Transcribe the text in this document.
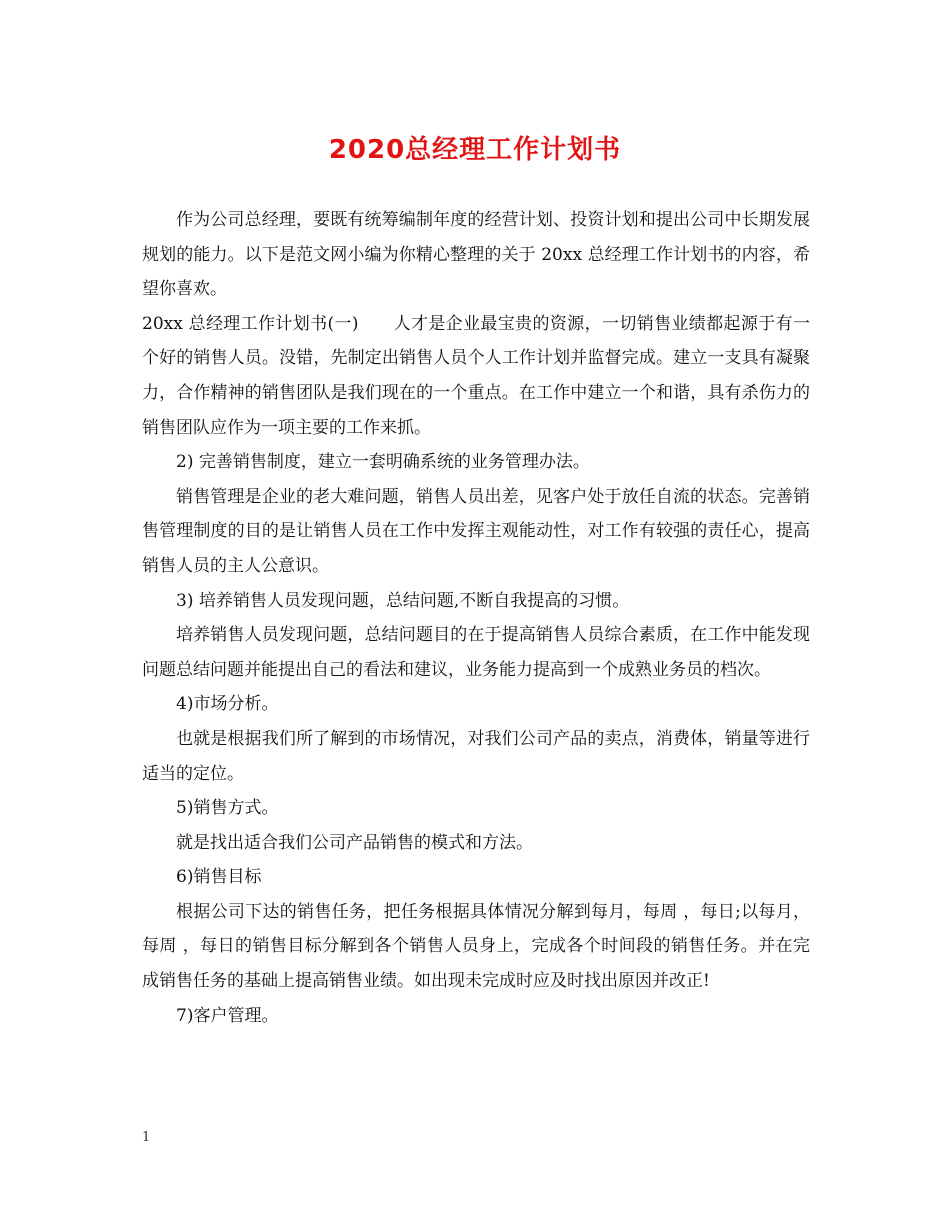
2020总经理工作计划书

作为公司总经理，要既有统筹编制年度的经营计划、投资计划和提出公司中长期发展规划的能力。以下是范文网小编为你精心整理的关于 20xx 总经理工作计划书的内容，希望你喜欢。

20xx 总经理工作计划书(一)　　人才是企业最宝贵的资源，一切销售业绩都起源于有一个好的销售人员。没错，先制定出销售人员个人工作计划并监督完成。建立一支具有凝聚力，合作精神的销售团队是我们现在的一个重点。在工作中建立一个和谐，具有杀伤力的销售团队应作为一项主要的工作来抓。

2) 完善销售制度，建立一套明确系统的业务管理办法。

销售管理是企业的老大难问题，销售人员出差，见客户处于放任自流的状态。完善销售管理制度的目的是让销售人员在工作中发挥主观能动性，对工作有较强的责任心，提高销售人员的主人公意识。

3) 培养销售人员发现问题，总结问题,不断自我提高的习惯。

培养销售人员发现问题，总结问题目的在于提高销售人员综合素质，在工作中能发现问题总结问题并能提出自己的看法和建议，业务能力提高到一个成熟业务员的档次。

4)市场分析。

也就是根据我们所了解到的市场情况，对我们公司产品的卖点，消费体，销量等进行适当的定位。

5)销售方式。

就是找出适合我们公司产品销售的模式和方法。

6)销售目标

根据公司下达的销售任务，把任务根据具体情况分解到每月，每周 ，每日;以每月，每周 ，每日的销售目标分解到各个销售人员身上，完成各个时间段的销售任务。并在完成销售任务的基础上提高销售业绩。如出现未完成时应及时找出原因并改正!

7)客户管理。

1
